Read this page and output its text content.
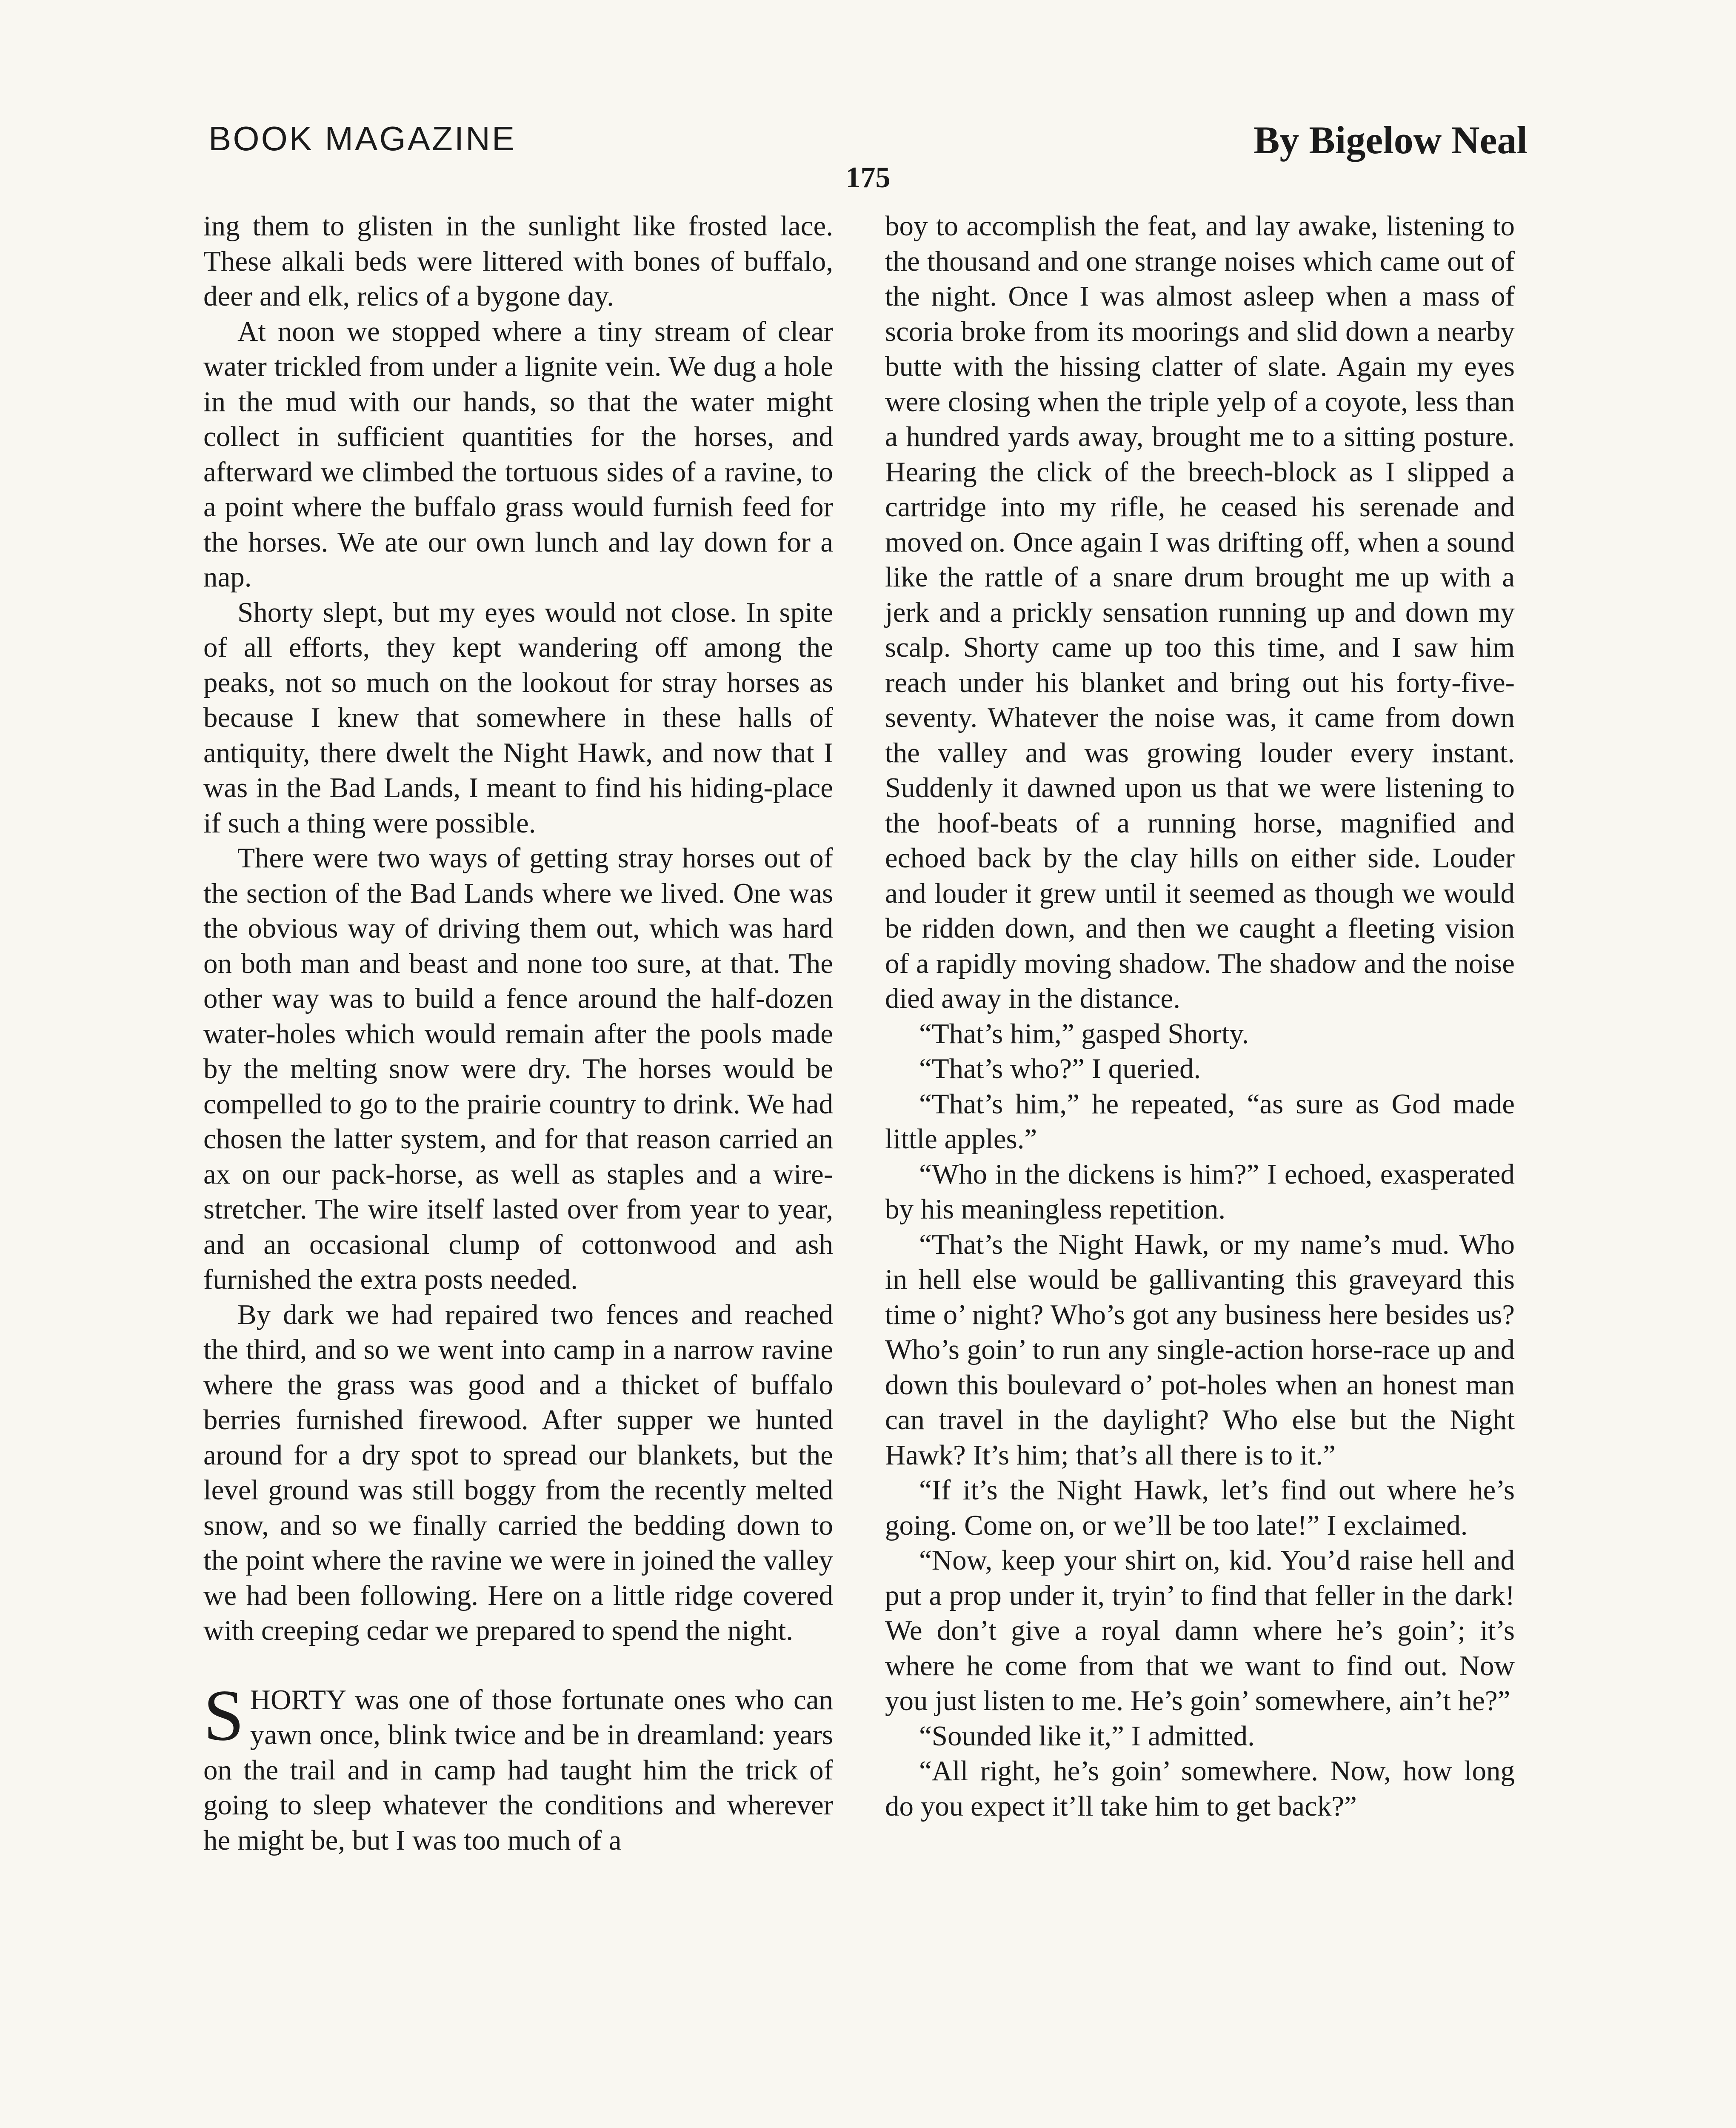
BOOK MAGAZINE	By Bigelow Neal
175

ing them to glisten in the sunlight like frosted lace. These alkali beds were littered with bones of buffalo, deer and elk, relics of a bygone day.

At noon we stopped where a tiny stream of clear water trickled from under a lignite vein. We dug a hole in the mud with our hands, so that the water might collect in sufficient quantities for the horses, and afterward we climbed the tortuous sides of a ravine, to a point where the buffalo grass would furnish feed for the horses. We ate our own lunch and lay down for a nap.

Shorty slept, but my eyes would not close. In spite of all efforts, they kept wandering off among the peaks, not so much on the lookout for stray horses as because I knew that somewhere in these halls of antiquity, there dwelt the Night Hawk, and now that I was in the Bad Lands, I meant to find his hiding-place if such a thing were possible.

There were two ways of getting stray horses out of the section of the Bad Lands where we lived. One was the obvious way of driving them out, which was hard on both man and beast and none too sure, at that. The other way was to build a fence around the half-dozen water-holes which would remain after the pools made by the melting snow were dry. The horses would be compelled to go to the prairie country to drink. We had chosen the latter system, and for that reason carried an ax on our pack-horse, as well as staples and a wire-stretcher. The wire itself lasted over from year to year, and an occasional clump of cottonwood and ash furnished the extra posts needed.

By dark we had repaired two fences and reached the third, and so we went into camp in a narrow ravine where the grass was good and a thicket of buffalo berries furnished firewood. After supper we hunted around for a dry spot to spread our blankets, but the level ground was still boggy from the recently melted snow, and so we finally carried the bedding down to the point where the ravine we were in joined the valley we had been following. Here on a little ridge covered with creeping cedar we prepared to spend the night.

SHORTY was one of those fortunate ones who can yawn once, blink twice and be in dreamland: years on the trail and in camp had taught him the trick of going to sleep whatever the conditions and wherever he might be, but I was too much of a

boy to accomplish the feat, and lay awake, listening to the thousand and one strange noises which came out of the night. Once I was almost asleep when a mass of scoria broke from its moorings and slid down a nearby butte with the hissing clatter of slate. Again my eyes were closing when the triple yelp of a coyote, less than a hundred yards away, brought me to a sitting posture. Hearing the click of the breech-block as I slipped a cartridge into my rifle, he ceased his serenade and moved on. Once again I was drifting off, when a sound like the rattle of a snare drum brought me up with a jerk and a prickly sensation running up and down my scalp. Shorty came up too this time, and I saw him reach under his blanket and bring out his forty-five-seventy. Whatever the noise was, it came from down the valley and was growing louder every instant. Suddenly it dawned upon us that we were listening to the hoof-beats of a running horse, magnified and echoed back by the clay hills on either side. Louder and louder it grew until it seemed as though we would be ridden down, and then we caught a fleeting vision of a rapidly moving shadow. The shadow and the noise died away in the distance.

“That’s him,” gasped Shorty.

“That’s who?” I queried.

“That’s him,” he repeated, “as sure as God made little apples.”

“Who in the dickens is him?” I echoed, exasperated by his meaningless repetition.

“That’s the Night Hawk, or my name’s mud. Who in hell else would be gallivanting this graveyard this time o’ night? Who’s got any business here besides us? Who’s goin’ to run any single-action horse-race up and down this boulevard o’ pot-holes when an honest man can travel in the daylight? Who else but the Night Hawk? It’s him; that’s all there is to it.”

“If it’s the Night Hawk, let’s find out where he’s going. Come on, or we’ll be too late!” I exclaimed.

“Now, keep your shirt on, kid. You’d raise hell and put a prop under it, tryin’ to find that feller in the dark! We don’t give a royal damn where he’s goin’; it’s where he come from that we want to find out. Now you just listen to me. He’s goin’ somewhere, ain’t he?”

“Sounded like it,” I admitted.

“All right, he’s goin’ somewhere. Now, how long do you expect it’ll take him to get back?”
